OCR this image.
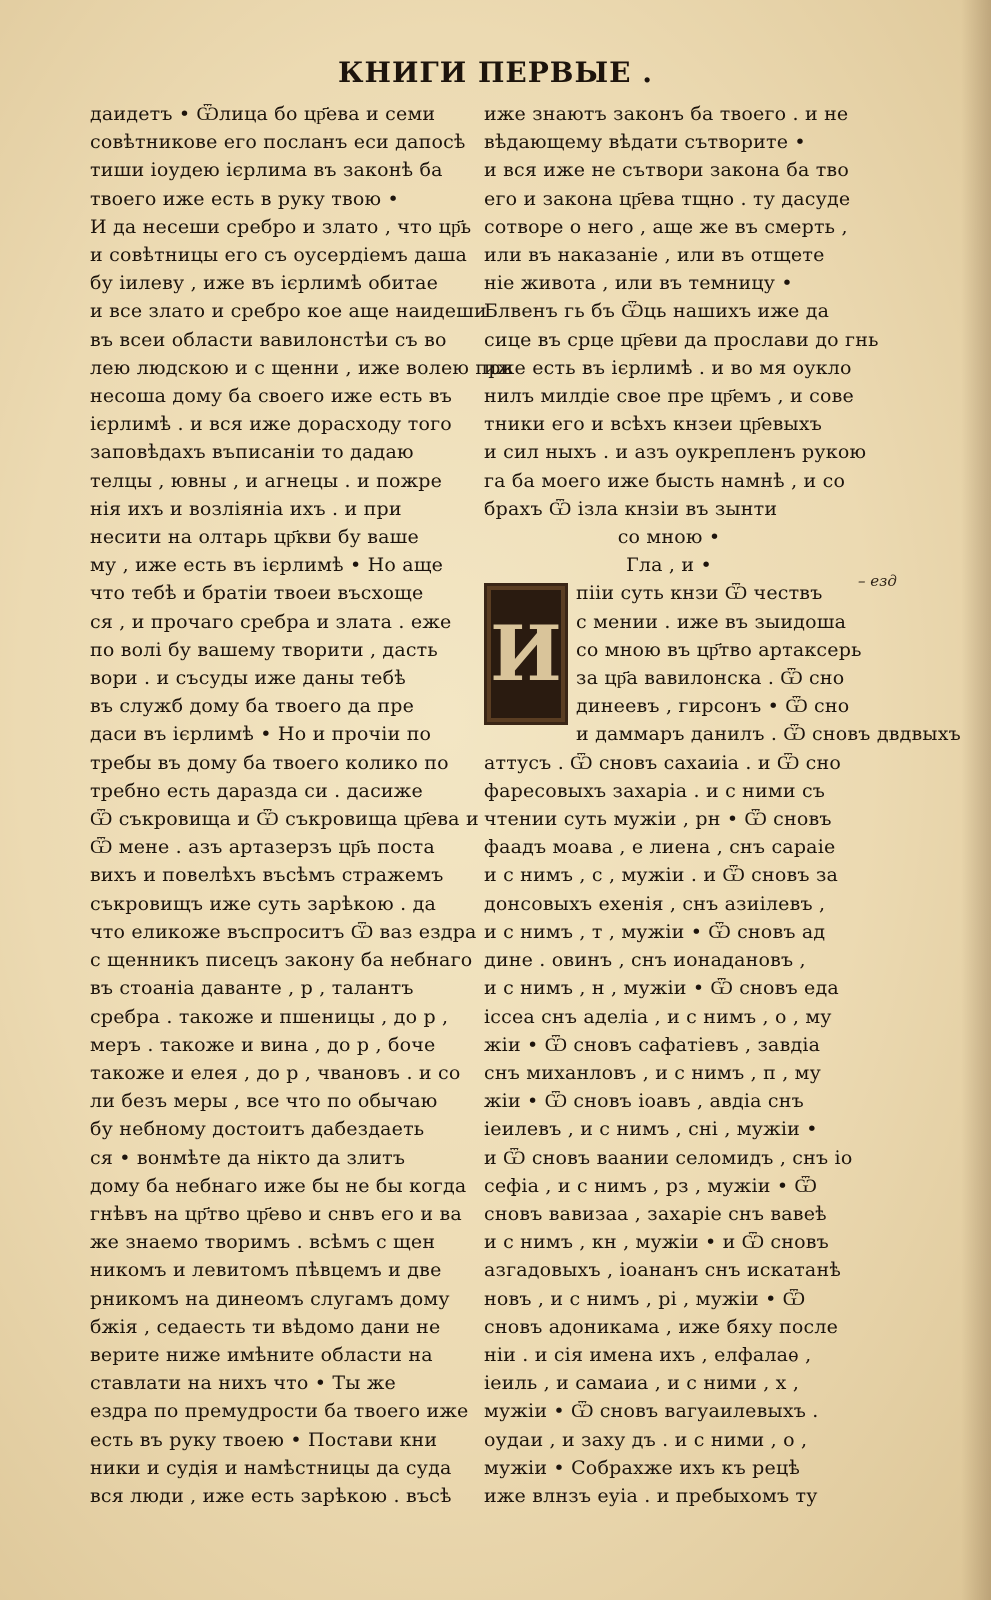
КНИГИ ПЕРВЫЕ .
даидетъ • Ѿлица бо цр҃ева и семи
совѣтникове его посланъ еси дапосѣ
тиши іоудею ієрлима въ законѣ ба
твоего иже есть в руку твою •
И да несеши сребро и злато , что цр҃ь
и совѣтницы его съ оусердіемъ даша
бу іилеву , иже въ ієрлимѣ обитае
и все злато и сребро кое аще наидеши
въ всеи области вавилонстѣи съ во
лею людскою и с щенни , иже волею при
несоша дому ба своего иже есть въ
ієрлимѣ . и вся иже дорасходу того
заповѣдахъ въписаніи то дадаю
телцы , ювны , и агнецы . и пожре
нія ихъ и возліяніа ихъ . и при
несити на олтарь цр҃кви бу ваше
му , иже есть въ ієрлимѣ • Но аще
что тебѣ и братіи твоеи въсхоще
ся , и прочаго сребра и злата . еже
по волі бу вашему творити , дасть
вори . и съсуды иже даны тебѣ
въ служб дому ба твоего да пре
даси въ ієрлимѣ • Но и прочіи по
требы въ дому ба твоего колико по
требно есть даразда си . дасиже
Ѿ съкровища и Ѿ съкровища цр҃ева и
Ѿ мене . азъ артазерзъ цр҃ь поста
вихъ и повелѣхъ въсѣмъ стражемъ
съкровищъ иже суть зарѣкою . да
что еликоже въспроситъ Ѿ ваз ездра
с щенникъ писецъ закону ба небнаго
въ стоаніа даванте , р , талантъ
сребра . такоже и пшеницы , до р ,
меръ . такоже и вина , до р , боче
такоже и елея , до р , чвановъ . и со
ли безъ меры , все что по обычаю
бу небному достоитъ дабездаеть
ся • вонмѣте да нікто да злитъ
дому ба небнаго иже бы не бы когда
гнѣвъ на цр҃тво цр҃ево и снвъ его и ва
же знаемо творимъ . всѣмъ с щен
никомъ и левитомъ пѣвцемъ и две
рникомъ на динеомъ слугамъ дому
бжія , седаесть ти вѣдомо дани не
верите ниже имѣните области на
ставлати на нихъ что • Ты же
ездра по премудрости ба твоего иже
есть въ руку твоею • Постави кни
ники и судія и намѣстницы да суда
вся люди , иже есть зарѣкою . въсѣ
иже знаютъ законъ ба твоего . и не
вѣдающему вѣдати сътворите •
и вся иже не сътвори закона ба тво
его и закона цр҃ева тщно . ту дасуде
сотворе о него , аще же въ смерть ,
или въ наказаніе , или въ отщете
ніе живота , или въ темницу •
Блвенъ гь бъ Ѿць нашихъ иже да
сице въ срце цр҃еви да прослави до гнь
иже есть въ ієрлимѣ . и во мя оукло
нилъ милдіе свое пре цр҃емъ , и сове
тники его и всѣхъ кнзеи цр҃евыхъ
и сил ныхъ . и азъ оукрепленъ рукою
га ба моего иже бысть намнѣ , и со
брахъ Ѿ ізла кнзіи въ зынти
со мною •
Гла , и •
И
пііи суть кнзи Ѿ чествъ
с мении . иже въ зыидоша
со мною въ цр҃тво артаксерь
за цр҃а вавилонска . Ѿ сно
динеевъ , гирсонъ • Ѿ сно
и даммаръ данилъ . Ѿ сновъ двдвыхъ
аттусъ . Ѿ сновъ сахаиіа . и Ѿ сно
фаресовыхъ захаріа . и с ними съ
чтении суть мужіи , рн • Ѿ сновъ
фаадъ моава , е лиена , снъ сараіе
и с нимъ , с , мужіи . и Ѿ сновъ за
донсовыхъ ехенія , снъ азиілевъ ,
и с нимъ , т , мужіи • Ѿ сновъ ад
дине . овинъ , снъ ионадановъ ,
и с нимъ , н , мужіи • Ѿ сновъ еда
іссеа снъ аделіа , и с нимъ , о , му
жіи • Ѿ сновъ сафатіевъ , завдіа
снъ миханловъ , и с нимъ , п , му
жіи • Ѿ сновъ іоавъ , авдіа снъ
іеилевъ , и с нимъ , сні , мужіи •
и Ѿ сновъ ваании селомидъ , снъ іо
сефіа , и с нимъ , рз , мужіи • Ѿ
сновъ вавизаа , захаріе снъ вавеѣ
и с нимъ , кн , мужіи • и Ѿ сновъ
азгадовыхъ , іоананъ снъ искатанѣ
новъ , и с нимъ , рі , мужіи • Ѿ
сновъ адоникама , иже бяху после
ніи . и сія имена ихъ , елфалаѳ ,
іеиль , и самаиа , и с ними , х ,
мужіи • Ѿ сновъ вагуаилевыхъ .
оудаи , и заху дъ . и с ними , о ,
мужіи • Собрахже ихъ къ рецѣ
иже влнзъ еуіа . и пребыхомъ ту
– езд
